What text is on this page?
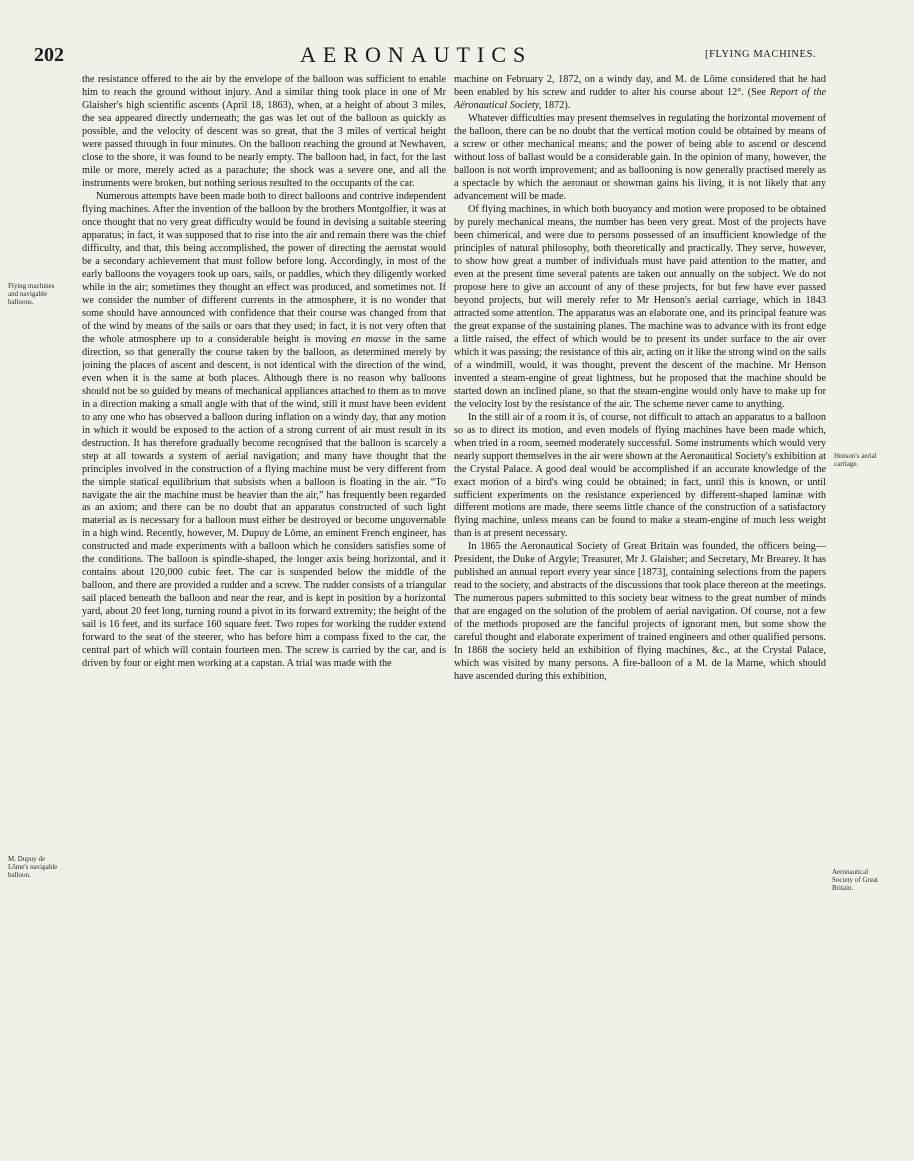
202	AERONAUTICS	[FLYING MACHINES.
Flying machines and navigable balloons.
M. Dupuy de Lôme's navigable balloon.
Henson's aerial carriage.
Aeronautical Society of Great Britain.

the resistance offered to the air by the envelope of the balloon was sufficient to enable him to reach the ground without injury. And a similar thing took place in one of Mr Glaisher's high scientific ascents (April 18, 1863), when, at a height of about 3 miles, the sea appeared directly underneath; the gas was let out of the balloon as quickly as possible, and the velocity of descent was so great, that the 3 miles of vertical height were passed through in four minutes. On the balloon reaching the ground at Newhaven, close to the shore, it was found to be nearly empty. The balloon had, in fact, for the last mile or more, merely acted as a parachute; the shock was a severe one, and all the instruments were broken, but nothing serious resulted to the occupants of the car.

Numerous attempts have been made both to direct balloons and contrive independent flying machines. After the invention of the balloon by the brothers Montgolfier, it was at once thought that no very great difficulty would be found in devising a suitable steering apparatus; in fact, it was supposed that to rise into the air and remain there was the chief difficulty, and that, this being accomplished, the power of directing the aerostat would be a secondary achievement that must follow before long. Accordingly, in most of the early balloons the voyagers took up oars, sails, or paddles, which they diligently worked while in the air; sometimes they thought an effect was produced, and sometimes not. If we consider the number of different currents in the atmosphere, it is no wonder that some should have announced with confidence that their course was changed from that of the wind by means of the sails or oars that they used; in fact, it is not very often that the whole atmosphere up to a considerable height is moving en masse in the same direction, so that generally the course taken by the balloon, as determined merely by joining the places of ascent and descent, is not identical with the direction of the wind, even when it is the same at both places. Although there is no reason why balloons should not be so guided by means of mechanical appliances attached to them as to move in a direction making a small angle with that of the wind, still it must have been evident to any one who has observed a balloon during inflation on a windy day, that any motion in which it would be exposed to the action of a strong current of air must result in its destruction. It has therefore gradually become recognised that the balloon is scarcely a step at all towards a system of aerial navigation; and many have thought that the principles involved in the construction of a flying machine must be very different from the simple statical equilibrium that subsists when a balloon is floating in the air. “To navigate the air the machine must be heavier than the air,” has frequently been regarded as an axiom; and there can be no doubt that an apparatus constructed of such light material as is necessary for a balloon must either be destroyed or become ungovernable in a high wind. Recently, however, M. Dupuy de Lôme, an eminent French engineer, has constructed and made experiments with a balloon which he considers satisfies some of the conditions. The balloon is spindle-shaped, the longer axis being horizontal, and it contains about 120,000 cubic feet. The car is suspended below the middle of the balloon, and there are provided a rudder and a screw. The rudder consists of a triangular sail placed beneath the balloon and near the rear, and is kept in position by a horizontal yard, about 20 feet long, turning round a pivot in its forward extremity; the height of the sail is 16 feet, and its surface 160 square feet. Two ropes for working the rudder extend forward to the seat of the steerer, who has before him a compass fixed to the car, the central part of which will contain fourteen men. The screw is carried by the car, and is driven by four or eight men working at a capstan. A trial was made with the

machine on February 2, 1872, on a windy day, and M. de Lôme considered that he had been enabled by his screw and rudder to alter his course about 12°. (See Report of the Aëronautical Society, 1872).

Whatever difficulties may present themselves in regulating the horizontal movement of the balloon, there can be no doubt that the vertical motion could be obtained by means of a screw or other mechanical means; and the power of being able to ascend or descend without loss of ballast would be a considerable gain. In the opinion of many, however, the balloon is not worth improvement; and as ballooning is now generally practised merely as a spectacle by which the aeronaut or showman gains his living, it is not likely that any advancement will be made.

Of flying machines, in which both buoyancy and motion were proposed to be obtained by purely mechanical means, the number has been very great. Most of the projects have been chimerical, and were due to persons possessed of an insufficient knowledge of the principles of natural philosophy, both theoretically and practically. They serve, however, to show how great a number of individuals must have paid attention to the matter, and even at the present time several patents are taken out annually on the subject. We do not propose here to give an account of any of these projects, for but few have ever passed beyond projects, but will merely refer to Mr Henson's aerial carriage, which in 1843 attracted some attention. The apparatus was an elaborate one, and its principal feature was the great expanse of the sustaining planes. The machine was to advance with its front edge a little raised, the effect of which would be to present its under surface to the air over which it was passing; the resistance of this air, acting on it like the strong wind on the sails of a windmill, would, it was thought, prevent the descent of the machine. Mr Henson invented a steam-engine of great lightness, but he proposed that the machine should be started down an inclined plane, so that the steam-engine would only have to make up for the velocity lost by the resistance of the air. The scheme never came to anything.

In the still air of a room it is, of course, not difficult to attach an apparatus to a balloon so as to direct its motion, and even models of flying machines have been made which, when tried in a room, seemed moderately successful. Some instruments which would very nearly support themselves in the air were shown at the Aeronautical Society's exhibition at the Crystal Palace. A good deal would be accomplished if an accurate knowledge of the exact motion of a bird's wing could be obtained; in fact, until this is known, or until sufficient experiments on the resistance experienced by different-shaped laminæ with different motions are made, there seems little chance of the construction of a satisfactory flying machine, unless means can be found to make a steam-engine of much less weight than is at present necessary.

In 1865 the Aeronautical Society of Great Britain was founded, the officers being—President, the Duke of Argyle; Treasurer, Mr J. Glaisher; and Secretary, Mr Brearey. It has published an annual report every year since [1873], containing selections from the papers read to the society, and abstracts of the discussions that took place thereon at the meetings. The numerous papers submitted to this society bear witness to the great number of minds that are engaged on the solution of the problem of aerial navigation. Of course, not a few of the methods proposed are the fanciful projects of ignorant men, but some show the careful thought and elaborate experiment of trained engineers and other qualified persons. In 1868 the society held an exhibition of flying machines, &c., at the Crystal Palace, which was visited by many persons. A fire-balloon of a M. de la Marne, which should have ascended during this exhibition,
